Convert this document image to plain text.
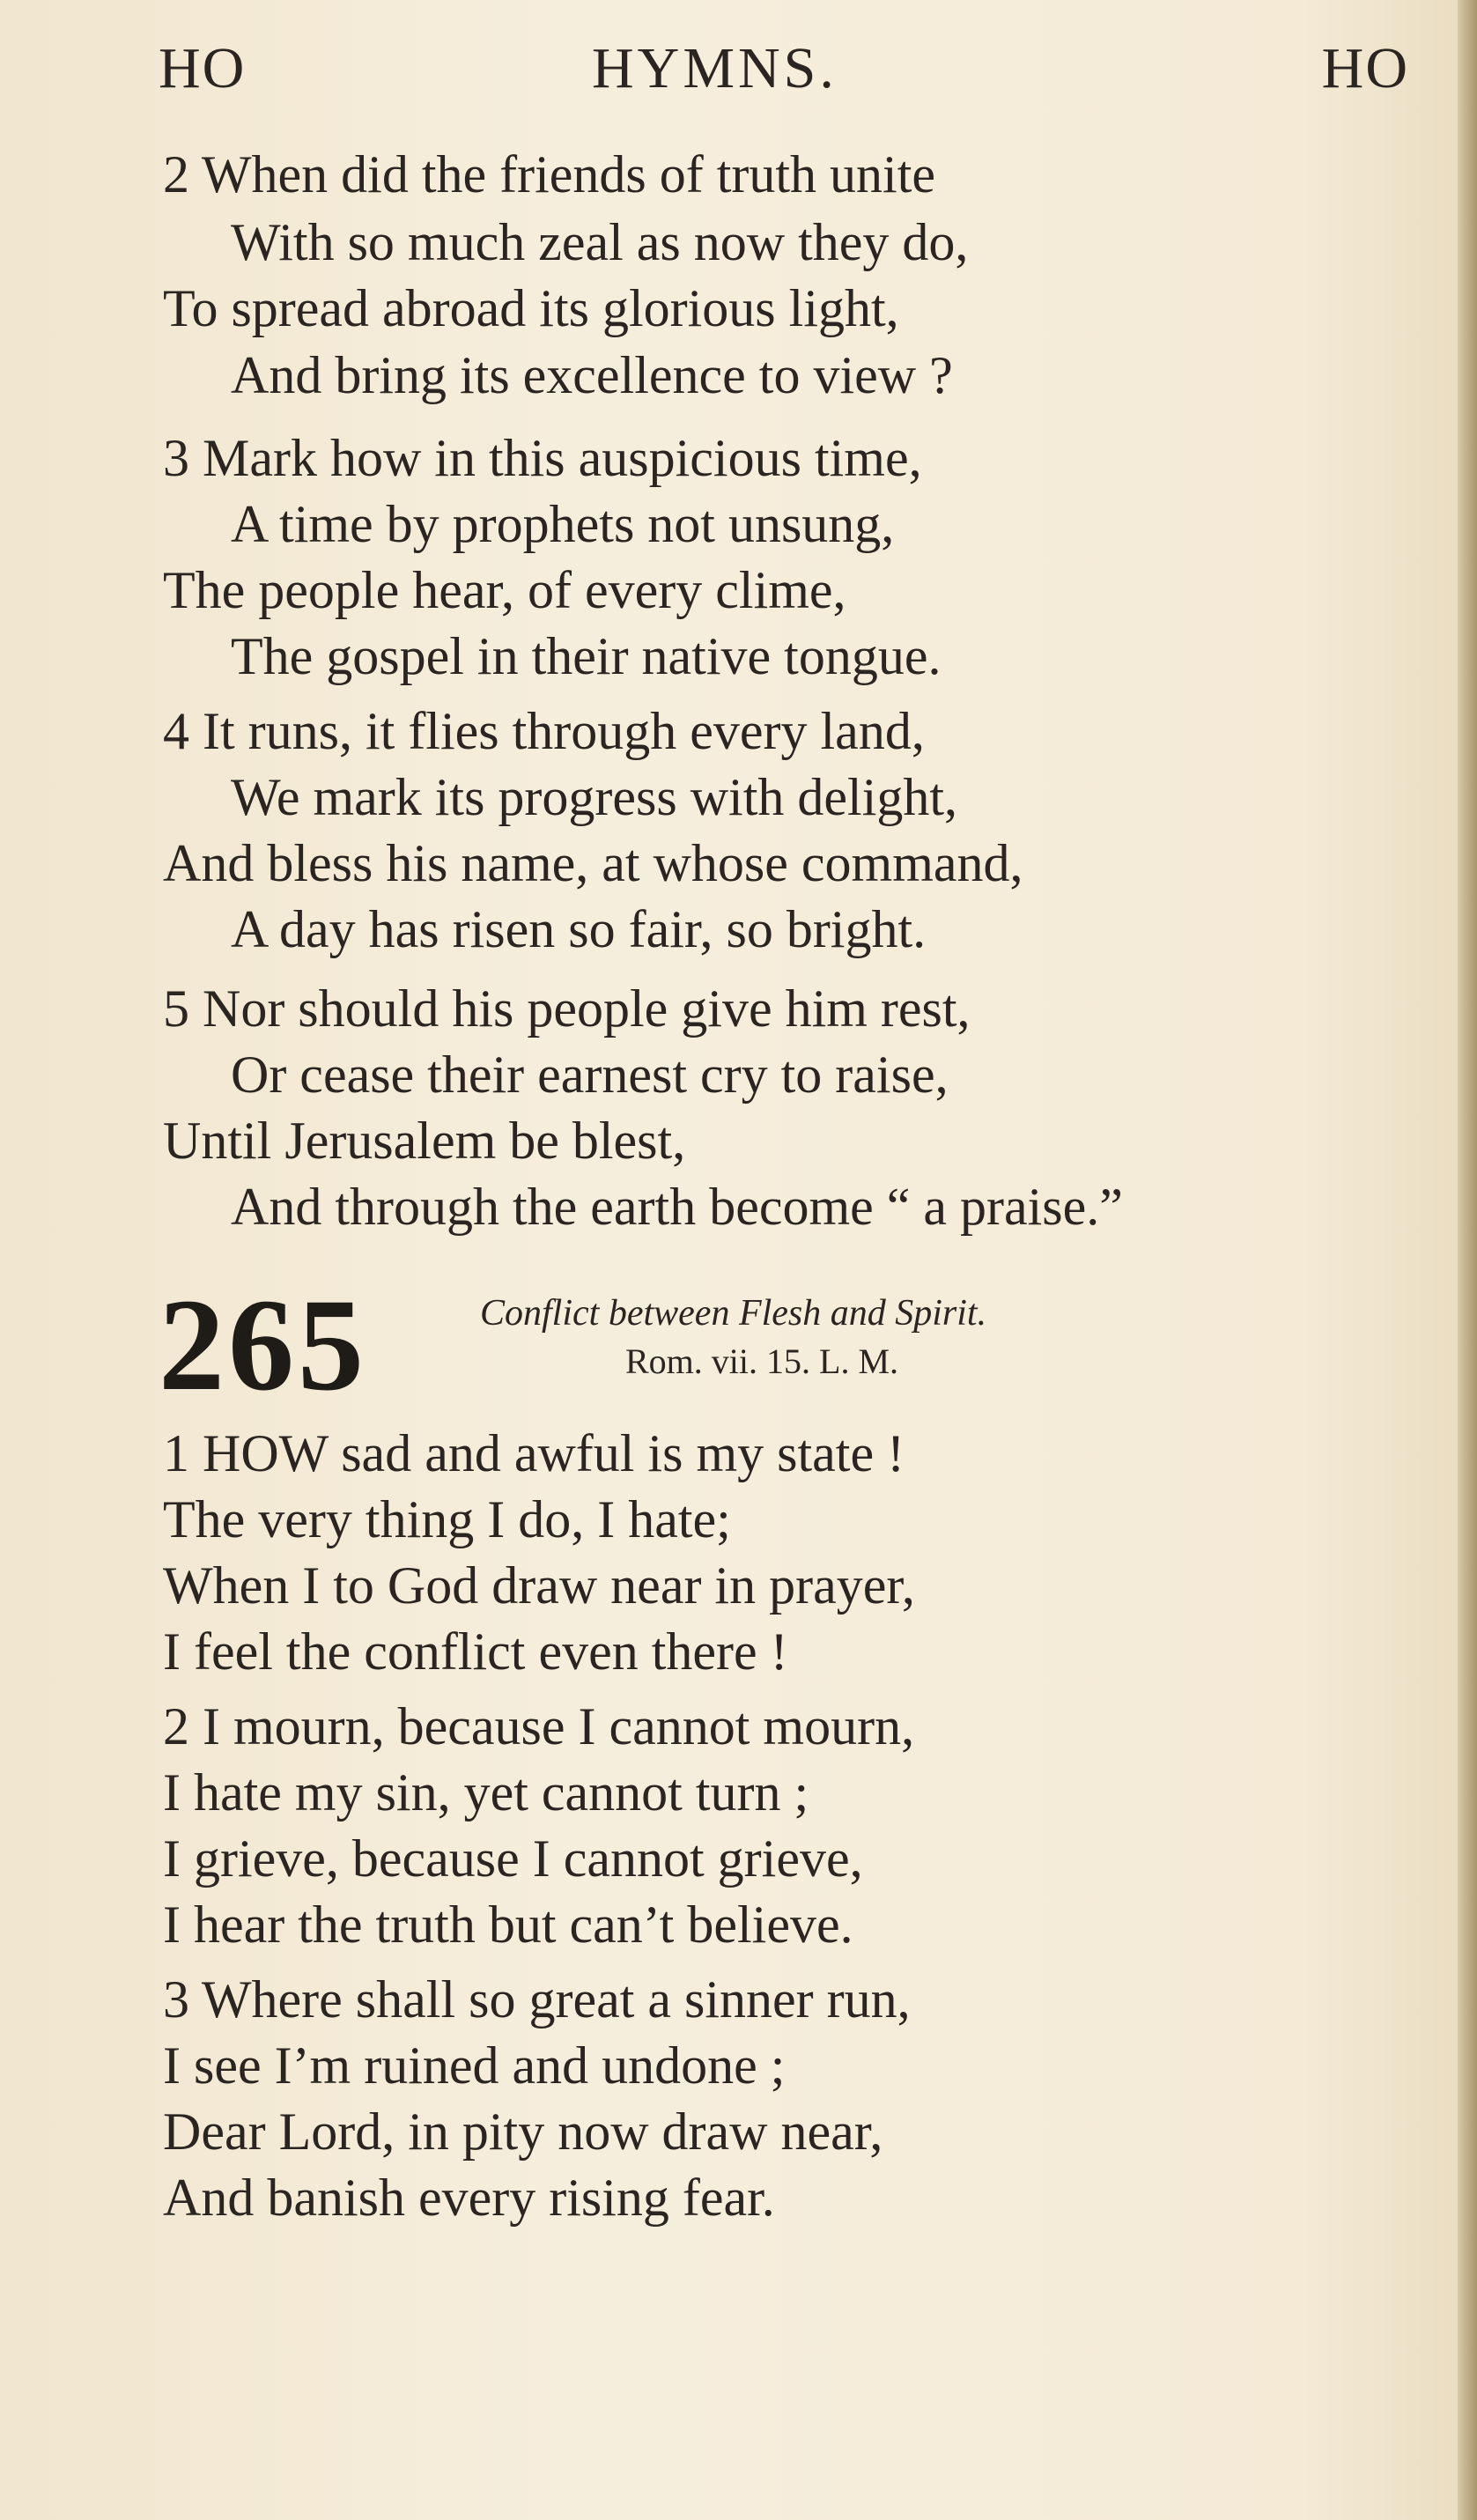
HO	HYMNS.	HO
2 When did the friends of truth unite
With so much zeal as now they do,
To spread abroad its glorious light,
And bring its excellence to view ?
3 Mark how in this auspicious time,
A time by prophets not unsung,
The people hear, of every clime,
The gospel in their native tongue.
4 It runs, it flies through every land,
We mark its progress with delight,
And bless his name, at whose command,
A day has risen so fair, so bright.
5 Nor should his people give him rest,
Or cease their earnest cry to raise,
Until Jerusalem be blest,
And through the earth become “ a praise.”
265	Conflict between Flesh and Spirit.
Rom. vii. 15. L. M.
1 HOW sad and awful is my state !
The very thing I do, I hate;
When I to God draw near in prayer,
I feel the conflict even there !
2 I mourn, because I cannot mourn,
I hate my sin, yet cannot turn ;
I grieve, because I cannot grieve,
I hear the truth but can’t believe.
3 Where shall so great a sinner run,
I see I’m ruined and undone ;
Dear Lord, in pity now draw near,
And banish every rising fear.
